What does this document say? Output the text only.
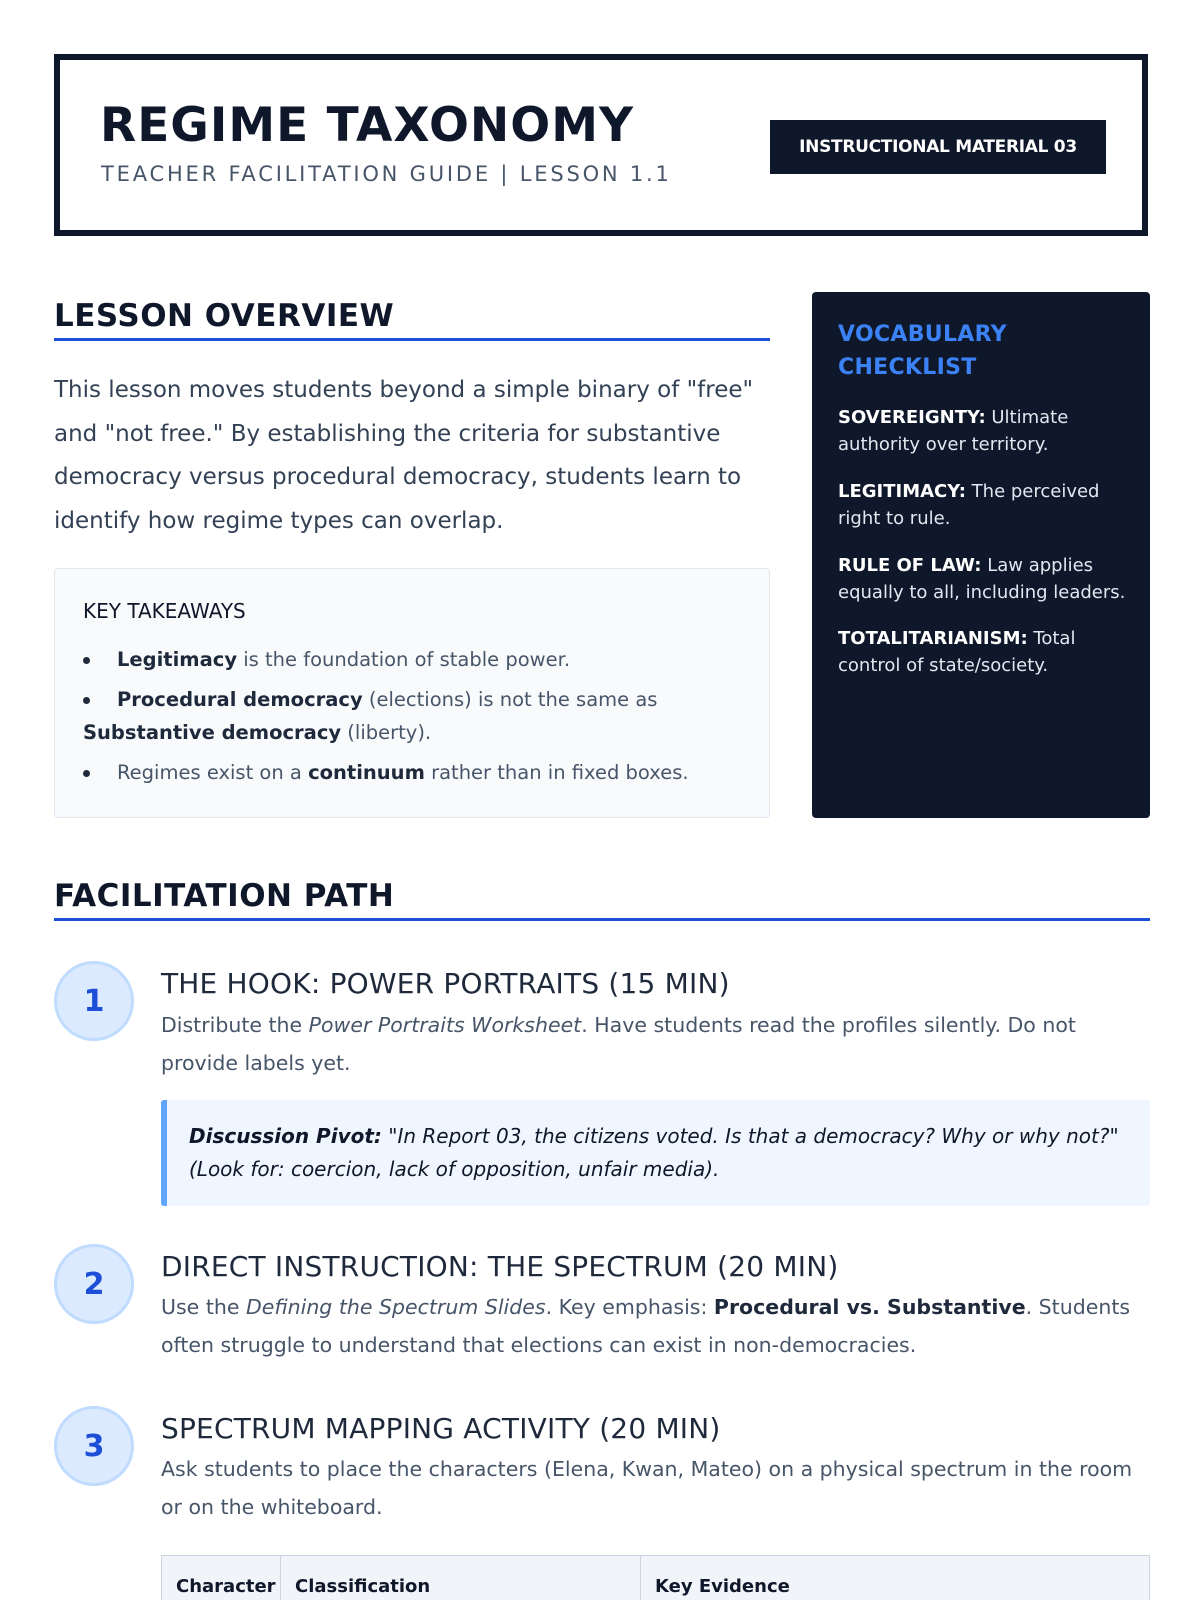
REGIME TAXONOMY
TEACHER FACILITATION GUIDE | LESSON 1.1
INSTRUCTIONAL MATERIAL 03
LESSON OVERVIEW
This lesson moves students beyond a simple binary of "free" and "not free." By establishing the criteria for substantive democracy versus procedural democracy, students learn to identify how regime types can overlap.
KEY TAKEAWAYS
Legitimacy is the foundation of stable power.
Procedural democracy (elections) is not the same as Substantive democracy (liberty).
Regimes exist on a continuum rather than in fixed boxes.
VOCABULARY CHECKLIST
SOVEREIGNTY: Ultimate authority over territory.
LEGITIMACY: The perceived right to rule.
RULE OF LAW: Law applies equally to all, including leaders.
TOTALITARIANISM: Total control of state/society.
FACILITATION PATH
1	THE HOOK: POWER PORTRAITS (15 MIN)
Distribute the Power Portraits Worksheet. Have students read the profiles silently. Do not provide labels yet.
Discussion Pivot: "In Report 03, the citizens voted. Is that a democracy? Why or why not?" (Look for: coercion, lack of opposition, unfair media).
2	DIRECT INSTRUCTION: THE SPECTRUM (20 MIN)
Use the Defining the Spectrum Slides. Key emphasis: Procedural vs. Substantive. Students often struggle to understand that elections can exist in non-democracies.
3	SPECTRUM MAPPING ACTIVITY (20 MIN)
Ask students to place the characters (Elena, Kwan, Mateo) on a physical spectrum in the room or on the whiteboard.
Character	Classification	Key Evidence
